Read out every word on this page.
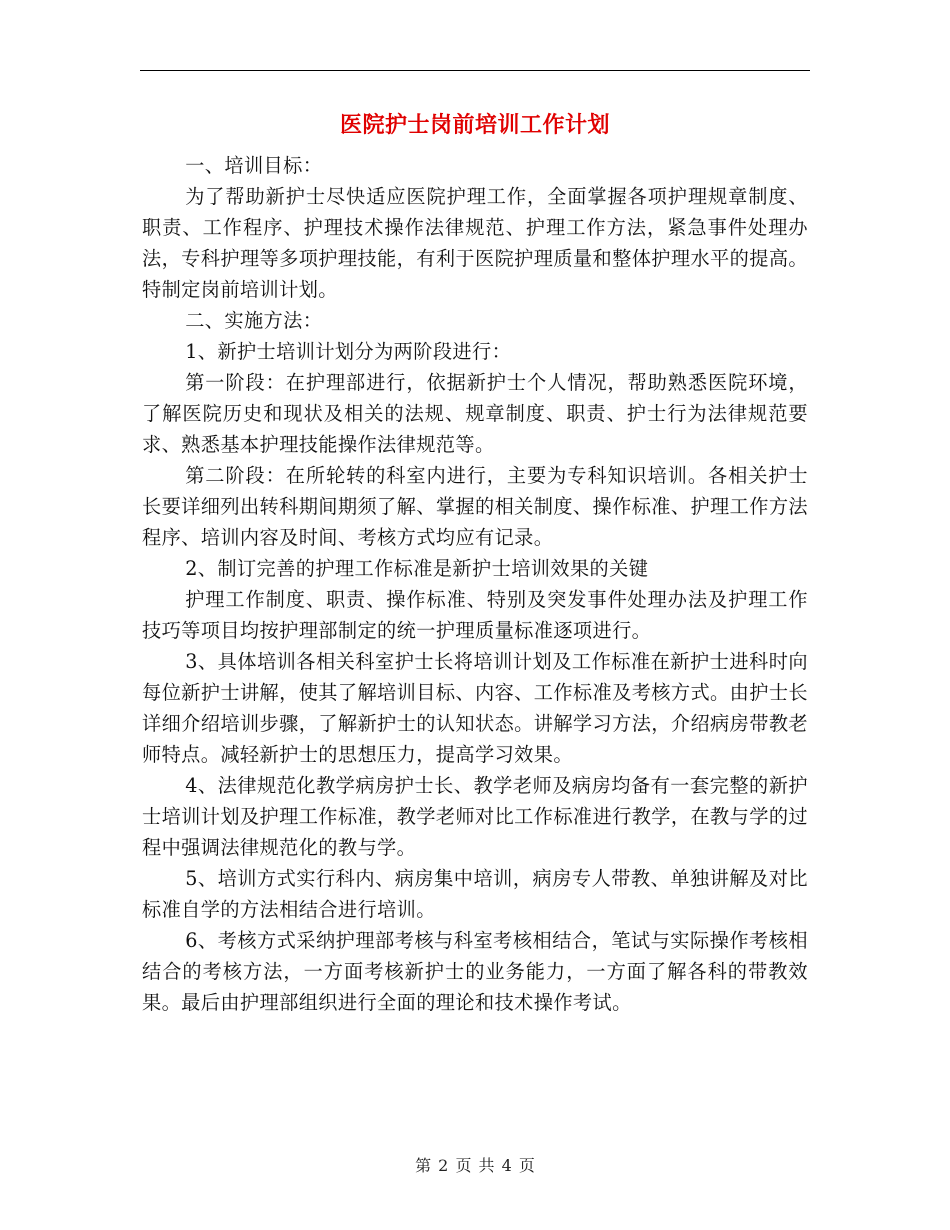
医院护士岗前培训工作计划

一、培训目标：

为了帮助新护士尽快适应医院护理工作，全面掌握各项护理规章制度、职责、工作程序、护理技术操作法律规范、护理工作方法，紧急事件处理办法，专科护理等多项护理技能，有利于医院护理质量和整体护理水平的提高。特制定岗前培训计划。

二、实施方法：

1、新护士培训计划分为两阶段进行：

第一阶段：在护理部进行，依据新护士个人情况，帮助熟悉医院环境，了解医院历史和现状及相关的法规、规章制度、职责、护士行为法律规范要求、熟悉基本护理技能操作法律规范等。

第二阶段：在所轮转的科室内进行，主要为专科知识培训。各相关护士长要详细列出转科期间期须了解、掌握的相关制度、操作标准、护理工作方法程序、培训内容及时间、考核方式均应有记录。

2、制订完善的护理工作标准是新护士培训效果的关键

护理工作制度、职责、操作标准、特别及突发事件处理办法及护理工作技巧等项目均按护理部制定的统一护理质量标准逐项进行。

3、具体培训各相关科室护士长将培训计划及工作标准在新护士进科时向每位新护士讲解，使其了解培训目标、内容、工作标准及考核方式。由护士长详细介绍培训步骤，了解新护士的认知状态。讲解学习方法，介绍病房带教老师特点。减轻新护士的思想压力，提高学习效果。

4、法律规范化教学病房护士长、教学老师及病房均备有一套完整的新护士培训计划及护理工作标准，教学老师对比工作标准进行教学，在教与学的过程中强调法律规范化的教与学。

5、培训方式实行科内、病房集中培训，病房专人带教、单独讲解及对比标准自学的方法相结合进行培训。

6、考核方式采纳护理部考核与科室考核相结合，笔试与实际操作考核相结合的考核方法，一方面考核新护士的业务能力，一方面了解各科的带教效果。最后由护理部组织进行全面的理论和技术操作考试。

第 2 页 共 4 页
